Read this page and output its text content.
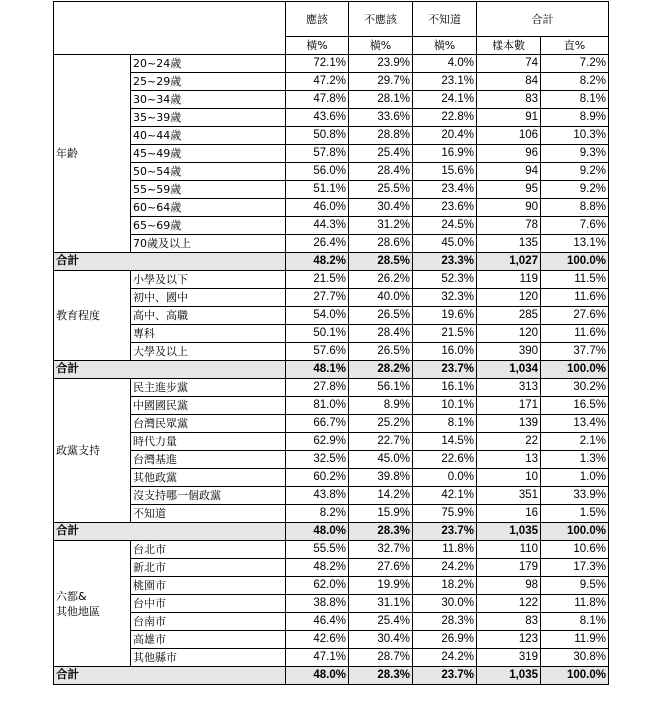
		應該	不應該	不知道	合計	
		橫%	橫%	橫%	樣本數	直%
年齡	20~24歲	72.1%	23.9%	4.0%	74	7.2%
	25~29歲	47.2%	29.7%	23.1%	84	8.2%
	30~34歲	47.8%	28.1%	24.1%	83	8.1%
	35~39歲	43.6%	33.6%	22.8%	91	8.9%
	40~44歲	50.8%	28.8%	20.4%	106	10.3%
	45~49歲	57.8%	25.4%	16.9%	96	9.3%
	50~54歲	56.0%	28.4%	15.6%	94	9.2%
	55~59歲	51.1%	25.5%	23.4%	95	9.2%
	60~64歲	46.0%	30.4%	23.6%	90	8.8%
	65~69歲	44.3%	31.2%	24.5%	78	7.6%
	70歲及以上	26.4%	28.6%	45.0%	135	13.1%
合計		48.2%	28.5%	23.3%	1,027	100.0%
教育程度	小學及以下	21.5%	26.2%	52.3%	119	11.5%
	初中、國中	27.7%	40.0%	32.3%	120	11.6%
	高中、高職	54.0%	26.5%	19.6%	285	27.6%
	專科	50.1%	28.4%	21.5%	120	11.6%
	大學及以上	57.6%	26.5%	16.0%	390	37.7%
合計		48.1%	28.2%	23.7%	1,034	100.0%
政黨支持	民主進步黨	27.8%	56.1%	16.1%	313	30.2%
	中國國民黨	81.0%	8.9%	10.1%	171	16.5%
	台灣民眾黨	66.7%	25.2%	8.1%	139	13.4%
	時代力量	62.9%	22.7%	14.5%	22	2.1%
	台灣基進	32.5%	45.0%	22.6%	13	1.3%
	其他政黨	60.2%	39.8%	0.0%	10	1.0%
	沒支持哪一個政黨	43.8%	14.2%	42.1%	351	33.9%
	不知道	8.2%	15.9%	75.9%	16	1.5%
合計		48.0%	28.3%	23.7%	1,035	100.0%
六都&
其他地區	台北市	55.5%	32.7%	11.8%	110	10.6%
	新北市	48.2%	27.6%	24.2%	179	17.3%
	桃園市	62.0%	19.9%	18.2%	98	9.5%
	台中市	38.8%	31.1%	30.0%	122	11.8%
	台南市	46.4%	25.4%	28.3%	83	8.1%
	高雄市	42.6%	30.4%	26.9%	123	11.9%
	其他縣市	47.1%	28.7%	24.2%	319	30.8%
合計		48.0%	28.3%	23.7%	1,035	100.0%
